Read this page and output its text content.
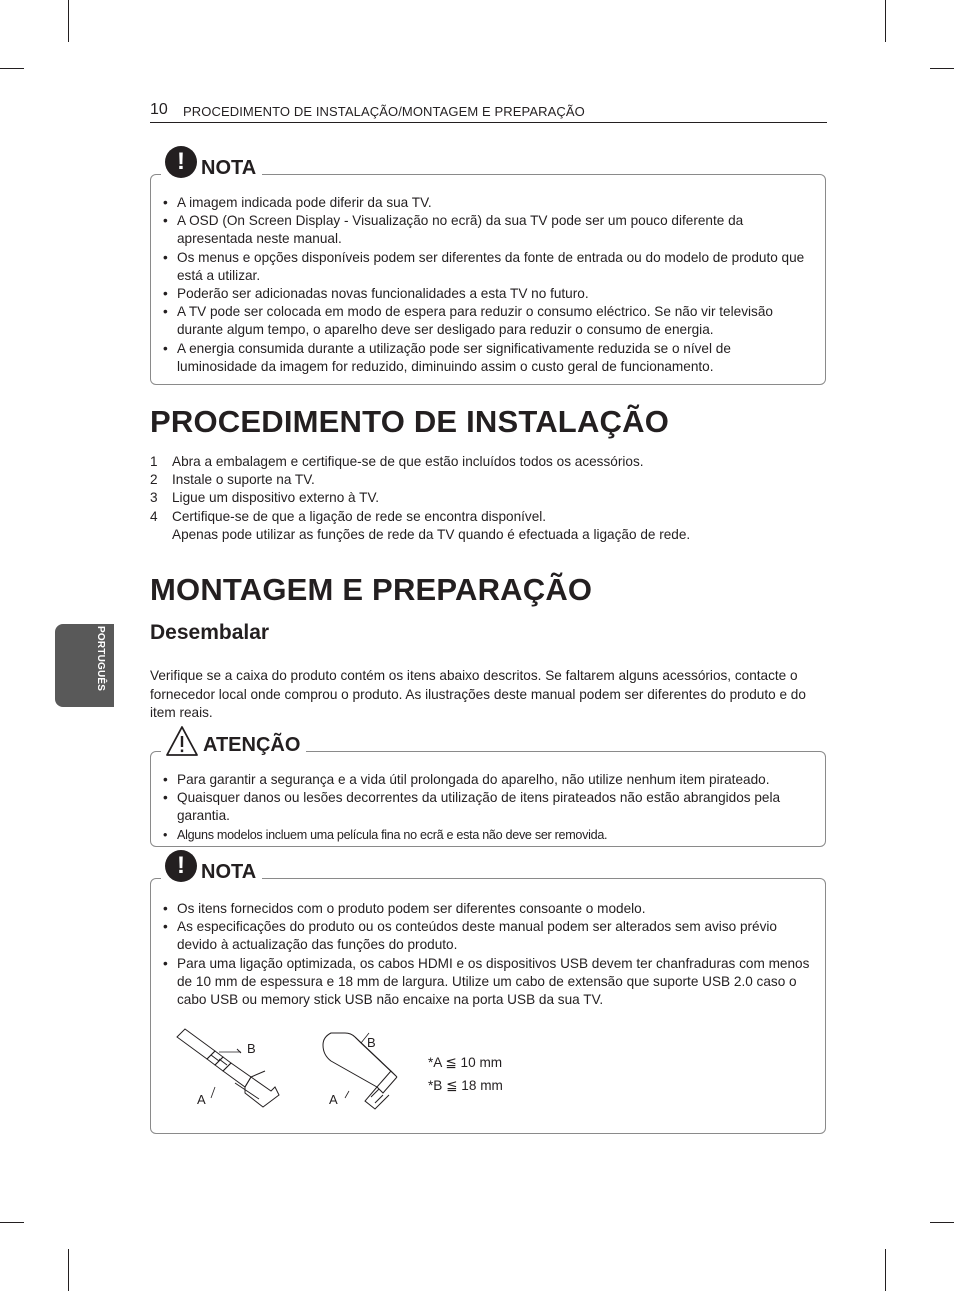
10 PROCEDIMENTO DE INSTALAÇÃO/MONTAGEM E PREPARAÇÃO
PORTUGUÊS
! NOTA
• A imagem indicada pode diferir da sua TV.
• A OSD (On Screen Display - Visualização no ecrã) da sua TV pode ser um pouco diferente da apresentada neste manual.
• Os menus e opções disponíveis podem ser diferentes da fonte de entrada ou do modelo de produto que está a utilizar.
• Poderão ser adicionadas novas funcionalidades a esta TV no futuro.
• A TV pode ser colocada em modo de espera para reduzir o consumo eléctrico. Se não vir televisão durante algum tempo, o aparelho deve ser desligado para reduzir o consumo de energia.
• A energia consumida durante a utilização pode ser significativamente reduzida se o nível de luminosidade da imagem for reduzido, diminuindo assim o custo geral de funcionamento.
PROCEDIMENTO DE INSTALAÇÃO
1 Abra a embalagem e certifique-se de que estão incluídos todos os acessórios.
2 Instale o suporte na TV.
3 Ligue um dispositivo externo à TV.
4 Certifique-se de que a ligação de rede se encontra disponível.
Apenas pode utilizar as funções de rede da TV quando é efectuada a ligação de rede.
MONTAGEM E PREPARAÇÃO
Desembalar

Verifique se a caixa do produto contém os itens abaixo descritos. Se faltarem alguns acessórios, contacte o fornecedor local onde comprou o produto. As ilustrações deste manual podem ser diferentes do produto e do item reais.

ATENÇÃO
• Para garantir a segurança e a vida útil prolongada do aparelho, não utilize nenhum item pirateado.
• Quaisquer danos ou lesões decorrentes da utilização de itens pirateados não estão abrangidos pela garantia.
• Alguns modelos incluem uma película fina no ecrã e esta não deve ser removida.
! NOTA
• Os itens fornecidos com o produto podem ser diferentes consoante o modelo.
• As especificações do produto ou os conteúdos deste manual podem ser alterados sem aviso prévio devido à actualização das funções do produto.
• Para uma ligação optimizada, os cabos HDMI e os dispositivos USB devem ter chanfraduras com menos de 10 mm de espessura e 18 mm de largura. Utilize um cabo de extensão que suporte USB 2.0 caso o cabo USB ou memory stick USB não encaixe na porta USB da sua TV.
B
A
B
A
*A ≦ 10 mm
*B ≦ 18 mm
